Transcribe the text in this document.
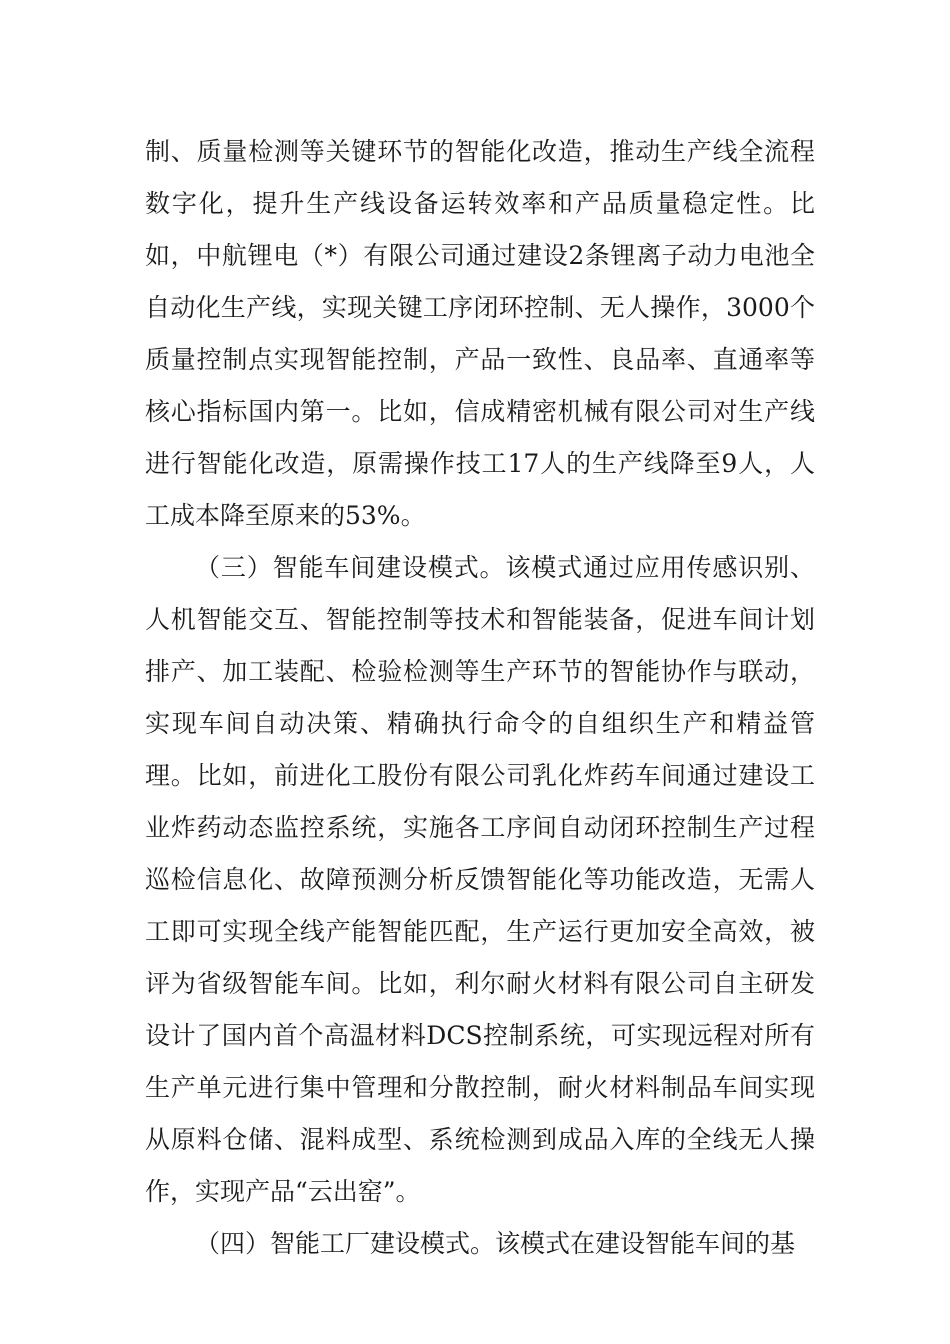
制、质量检测等关键环节的智能化改造，推动生产线全流程数字化，提升生产线设备运转效率和产品质量稳定性。比如，中航锂电（*）有限公司通过建设2条锂离子动力电池全自动化生产线，实现关键工序闭环控制、无人操作，3000个质量控制点实现智能控制，产品一致性、良品率、直通率等核心指标国内第一。比如，信成精密机械有限公司对生产线进行智能化改造，原需操作技工17人的生产线降至9人，人工成本降至原来的53%。

（三）智能车间建设模式。该模式通过应用传感识别、人机智能交互、智能控制等技术和智能装备，促进车间计划排产、加工装配、检验检测等生产环节的智能协作与联动，实现车间自动决策、精确执行命令的自组织生产和精益管理。比如，前进化工股份有限公司乳化炸药车间通过建设工业炸药动态监控系统，实施各工序间自动闭环控制生产过程巡检信息化、故障预测分析反馈智能化等功能改造，无需人工即可实现全线产能智能匹配，生产运行更加安全高效，被评为省级智能车间。比如，利尔耐火材料有限公司自主研发设计了国内首个高温材料DCS控制系统，可实现远程对所有生产单元进行集中管理和分散控制，耐火材料制品车间实现从原料仓储、混料成型、系统检测到成品入库的全线无人操作，实现产品“云出窑”。

（四）智能工厂建设模式。该模式在建设智能车间的基
